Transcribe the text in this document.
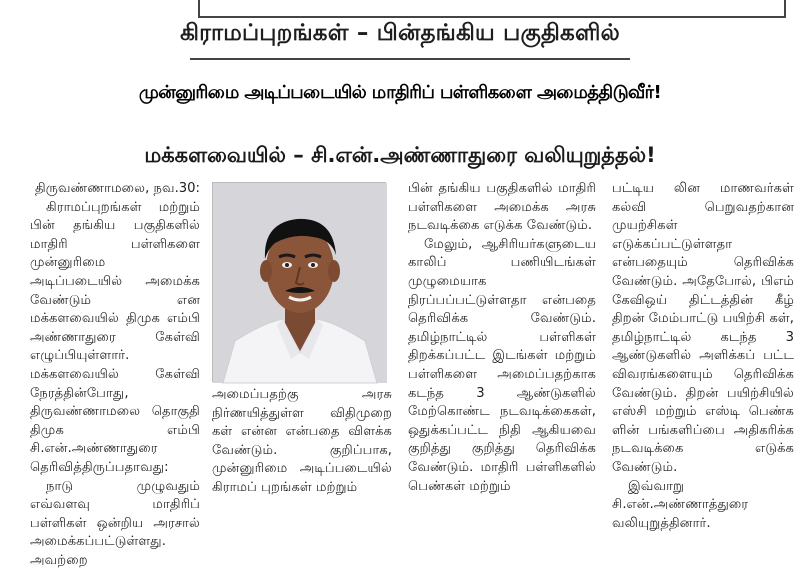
கிராமப்புறங்கள் – பின்தங்கிய பகுதிகளில்
முன்னுரிமை அடிப்படையில் மாதிரிப் பள்ளிகளை அமைத்திடுவீர்!
மக்களவையில் – சி.என்.அண்ணாதுரை வலியுறுத்தல்!

திருவண்ணாமலை, நவ.30:

கிராமப்புறங்கள் மற்றும் பின் தங்கிய பகுதிகளில் மாதிரி பள்ளிகளை முன்னுரிமை அடிப்படையில் அமைக்க வேண்டும் என மக்களவையில் திமுக எம்பி அண்ணாதுரை கேள்வி எழுப்பியுள்ளார்.

மக்களவையில் கேள்வி நேரத்தின்போது, திருவண்ணாமலை தொகுதி திமுக எம்பி சி.என்.அண்ணாதுரை தெரிவித்திருப்பதாவது:

நாடு முழுவதும் எவ்வளவு மாதிரிப் பள்ளிகள் ஒன்றிய அரசால் அமைக்கப்பட்டுள்ளது. அவற்றை

அமைப்பதற்கு அரசு நிர்ணயித்துள்ள விதிமுறை கள் என்ன என்பதை விளக்க வேண்டும். குறிப்பாக, முன்னுரிமை அடிப்படையில் கிராமப் புறங்கள் மற்றும்

பின் தங்கிய பகுதிகளில் மாதிரி பள்ளிகளை அமைக்க அரசு நடவடிக்கை எடுக்க வேண்டும்.

மேலும், ஆசிரியர்களுடைய காலிப் பணியிடங்கள் முழுமையாக நிரப்பப்பட்டுள்ளதா என்பதை தெரிவிக்க வேண்டும். தமிழ்நாட்டில் பள்ளிகள் திறக்கப்பட்ட இடங்கள் மற்றும் பள்ளிகளை அமைப்பதற்காக கடந்த 3 ஆண்டுகளில் மேற்கொண்ட நடவடிக்கைகள், ஒதுக்கப்பட்ட நிதி ஆகியவை குறித்து குறித்து தெரிவிக்க வேண்டும். மாதிரி பள்ளிகளில் பெண்கள் மற்றும்

பட்டிய லின மாணவர்கள் கல்வி பெறுவதற்கான முயற்சிகள் எடுக்கப்பட்டுள்ளதா என்பதையும் தெரிவிக்க வேண்டும். அதேபோல், பிஎம் கேவிஒய் திட்டத்தின் கீழ் திறன் மேம்பாட்டு பயிற்சி கள், தமிழ்நாட்டில் கடந்த 3 ஆண்டுகளில் அளிக்கப் பட்ட விவரங்களையும் தெரிவிக்க வேண்டும். திறன் பயிற்சியில் எஸ்சி மற்றும் எஸ்டி பெண்க ளின் பங்களிப்பை அதிகரிக்க நடவடிக்கை எடுக்க வேண்டும்.

இவ்வாறு சி.என்.அண்ணாத்துரை வலியுறுத்தினார்.
